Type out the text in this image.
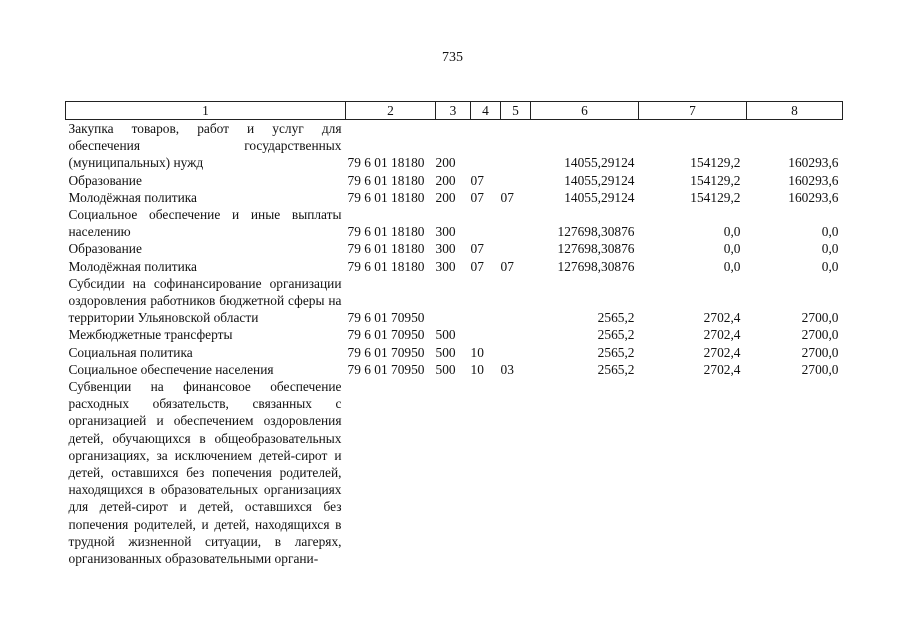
735
1	2	3	4	5	6	7	8
Закупка товаров, работ и услуг для обеспечения государственных (муниципальных) нужд	79 6 01 18180	200			14055,29124	154129,2	160293,6
Образование	79 6 01 18180	200	07		14055,29124	154129,2	160293,6
Молодёжная политика	79 6 01 18180	200	07	07	14055,29124	154129,2	160293,6
Социальное обеспечение и иные выплаты населению	79 6 01 18180	300			127698,30876	0,0	0,0
Образование	79 6 01 18180	300	07		127698,30876	0,0	0,0
Молодёжная политика	79 6 01 18180	300	07	07	127698,30876	0,0	0,0
Субсидии на софинансирование организации оздоровления работников бюджетной сферы на территории Ульяновской области	79 6 01 70950				2565,2	2702,4	2700,0
Межбюджетные трансферты	79 6 01 70950	500			2565,2	2702,4	2700,0
Социальная политика	79 6 01 70950	500	10		2565,2	2702,4	2700,0
Социальное обеспечение населения	79 6 01 70950	500	10	03	2565,2	2702,4	2700,0
Субвенции на финансовое обеспечение расходных обязательств, связанных с организацией и обеспечением оздоровления детей, обучающихся в общеобразовательных организациях, за исключением детей-сирот и детей, оставшихся без попечения родителей, находящихся в образовательных организациях для детей-сирот и детей, оставшихся без попечения родителей, и детей, находящихся в трудной жизненной ситуации, в лагерях, организованных образовательными органи-							
